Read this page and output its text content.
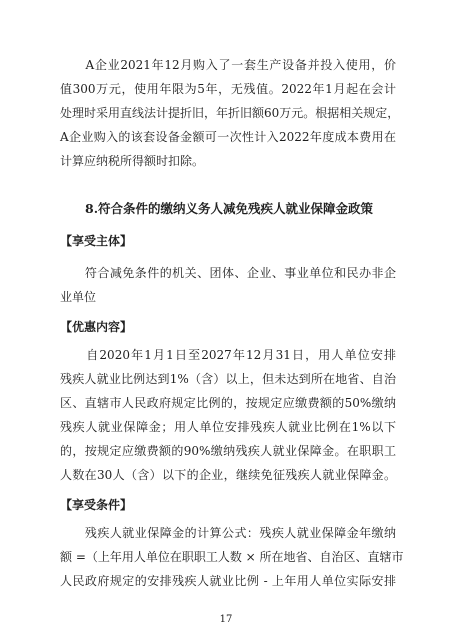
　　A企业2021年12月购入了一套生产设备并投入使用，价
值300万元，使用年限为5年，无残值。2022年1月起在会计
处理时采用直线法计提折旧，年折旧额60万元。根据相关规定，
A企业购入的该套设备金额可一次性计入2022年度成本费用在
计算应纳税所得额时扣除。
　　8.符合条件的缴纳义务人减免残疾人就业保障金政策
【享受主体】
　　符合减免条件的机关、团体、企业、事业单位和民办非企
业单位
【优惠内容】
　　自2020年1月1日至2027年12月31日，用人单位安排
残疾人就业比例达到1%（含）以上，但未达到所在地省、自治
区、直辖市人民政府规定比例的，按规定应缴费额的50%缴纳
残疾人就业保障金；用人单位安排残疾人就业比例在1%以下
的，按规定应缴费额的90%缴纳残疾人就业保障金。在职职工
人数在30人（含）以下的企业，继续免征残疾人就业保障金。
【享受条件】
　　残疾人就业保障金的计算公式：残疾人就业保障金年缴纳
额 =（上年用人单位在职职工人数 × 所在地省、自治区、直辖市
人民政府规定的安排残疾人就业比例 - 上年用人单位实际安排
17
